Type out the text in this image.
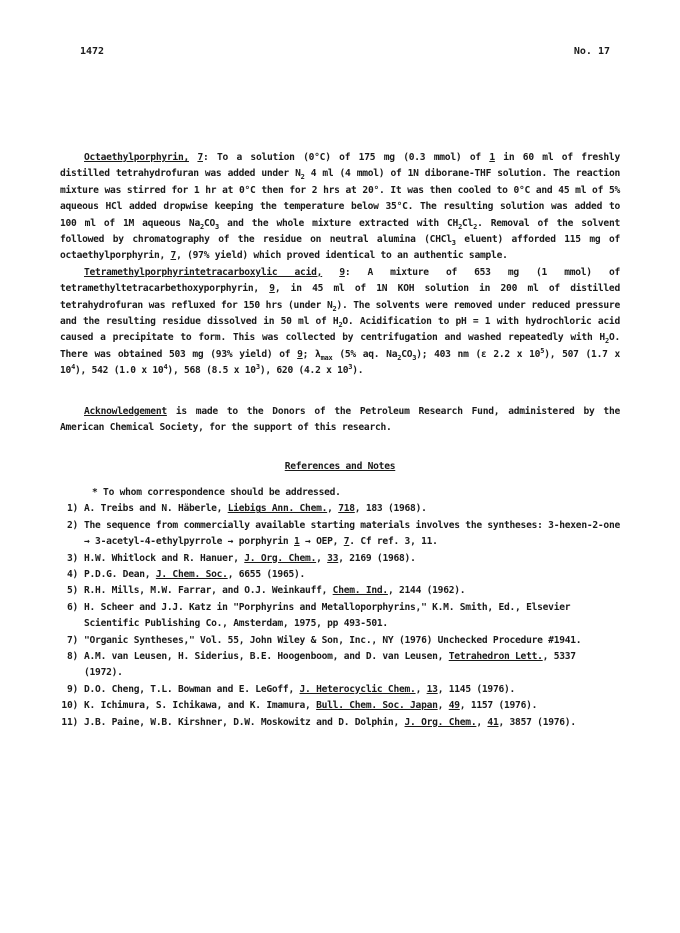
1472	No. 17

Octaethylporphyrin, 7: To a solution (0°C) of 175 mg (0.3 mmol) of 1 in 60 ml of freshly distilled tetrahydrofuran was added under $N_2$ 4 ml (4 mmol) of 1N diborane-THF solution. The reaction mixture was stirred for 1 hr at 0°C then for 2 hrs at 20°. It was then cooled to 0°C and 45 ml of 5% aqueous HCl added dropwise keeping the temperature below 35°C. The resulting solution was added to 100 ml of 1M aqueous $Na_2CO_3$ and the whole mixture extracted with $CH_2Cl_2$. Removal of the solvent followed by chromatography of the residue on neutral alumina (CHCl$_3$ eluent) afforded 115 mg of octaethylporphyrin, 7, (97% yield) which proved identical to an authentic sample.

Tetramethylporphyrintetracarboxylic acid, 9: A mixture of 653 mg (1 mmol) of tetramethyltetracarbethoxyporphyrin, 9, in 45 ml of 1N KOH solution in 200 ml of distilled tetrahydrofuran was refluxed for 150 hrs (under $N_2$). The solvents were removed under reduced pressure and the resulting residue dissolved in 50 ml of $H_2O$. Acidification to pH = 1 with hydrochloric acid caused a precipitate to form. This was collected by centrifugation and washed repeatedly with $H_2O$. There was obtained 503 mg (93% yield) of 9; $\lambda_{max}$ (5% aq. $Na_2CO_3$); 403 nm (ε 2.2 x $10^5$), 507 (1.7 x $10^4$), 542 (1.0 x $10^4$), 568 (8.5 x $10^3$), 620 (4.2 x $10^3$).

Acknowledgement is made to the Donors of the Petroleum Research Fund, administered by the American Chemical Society, for the support of this research.

References and Notes

* To whom correspondence should be addressed.

1) A. Treibs and N. Häberle, Liebigs Ann. Chem., 718, 183 (1968).
2) The sequence from commercially available starting materials involves the syntheses: 3-hexen-2-one → 3-acetyl-4-ethylpyrrole → porphyrin 1 → OEP, 7. Cf ref. 3, 11.
3) H.W. Whitlock and R. Hanuer, J. Org. Chem., 33, 2169 (1968).
4) P.D.G. Dean, J. Chem. Soc., 6655 (1965).
5) R.H. Mills, M.W. Farrar, and O.J. Weinkauff, Chem. Ind., 2144 (1962).
6) H. Scheer and J.J. Katz in "Porphyrins and Metalloporphyrins," K.M. Smith, Ed., Elsevier Scientific Publishing Co., Amsterdam, 1975, pp 493-501.
7) "Organic Syntheses," Vol. 55, John Wiley & Son, Inc., NY (1976) Unchecked Procedure #1941.
8) A.M. van Leusen, H. Siderius, B.E. Hoogenboom, and D. van Leusen, Tetrahedron Lett., 5337 (1972).
9) D.O. Cheng, T.L. Bowman and E. LeGoff, J. Heterocyclic Chem., 13, 1145 (1976).
10) K. Ichimura, S. Ichikawa, and K. Imamura, Bull. Chem. Soc. Japan, 49, 1157 (1976).
11) J.B. Paine, W.B. Kirshner, D.W. Moskowitz and D. Dolphin, J. Org. Chem., 41, 3857 (1976).
